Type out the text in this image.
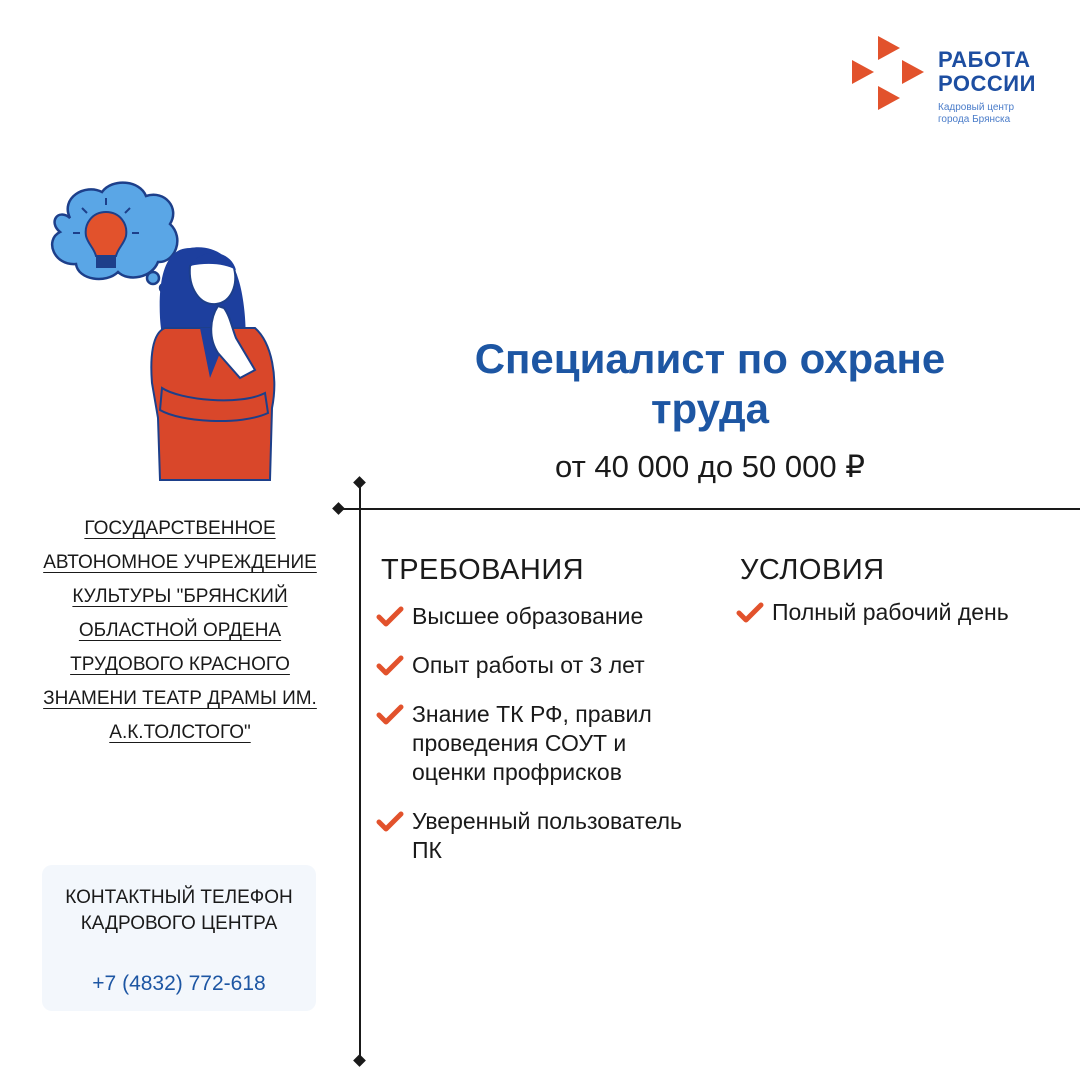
РАБОТА
РОССИИ
Кадровый центр
города Брянска
Специалист по охране
труда
от 40 000 до 50 000 ₽
ГОСУДАРСТВЕННОЕ
АВТОНОМНОЕ УЧРЕЖДЕНИЕ
КУЛЬТУРЫ "БРЯНСКИЙ
ОБЛАСТНОЙ ОРДЕНА
ТРУДОВОГО КРАСНОГО
ЗНАМЕНИ ТЕАТР ДРАМЫ ИМ.
А.К.ТОЛСТОГО"
КОНТАКТНЫЙ ТЕЛЕФОН
КАДРОВОГО ЦЕНТРА
+7 (4832) 772-618
ТРЕБОВАНИЯ
Высшее образование
Опыт работы от 3 лет
Знание ТК РФ, правил проведения СОУТ и оценки профрисков
Уверенный пользователь ПК
УСЛОВИЯ
Полный рабочий день
